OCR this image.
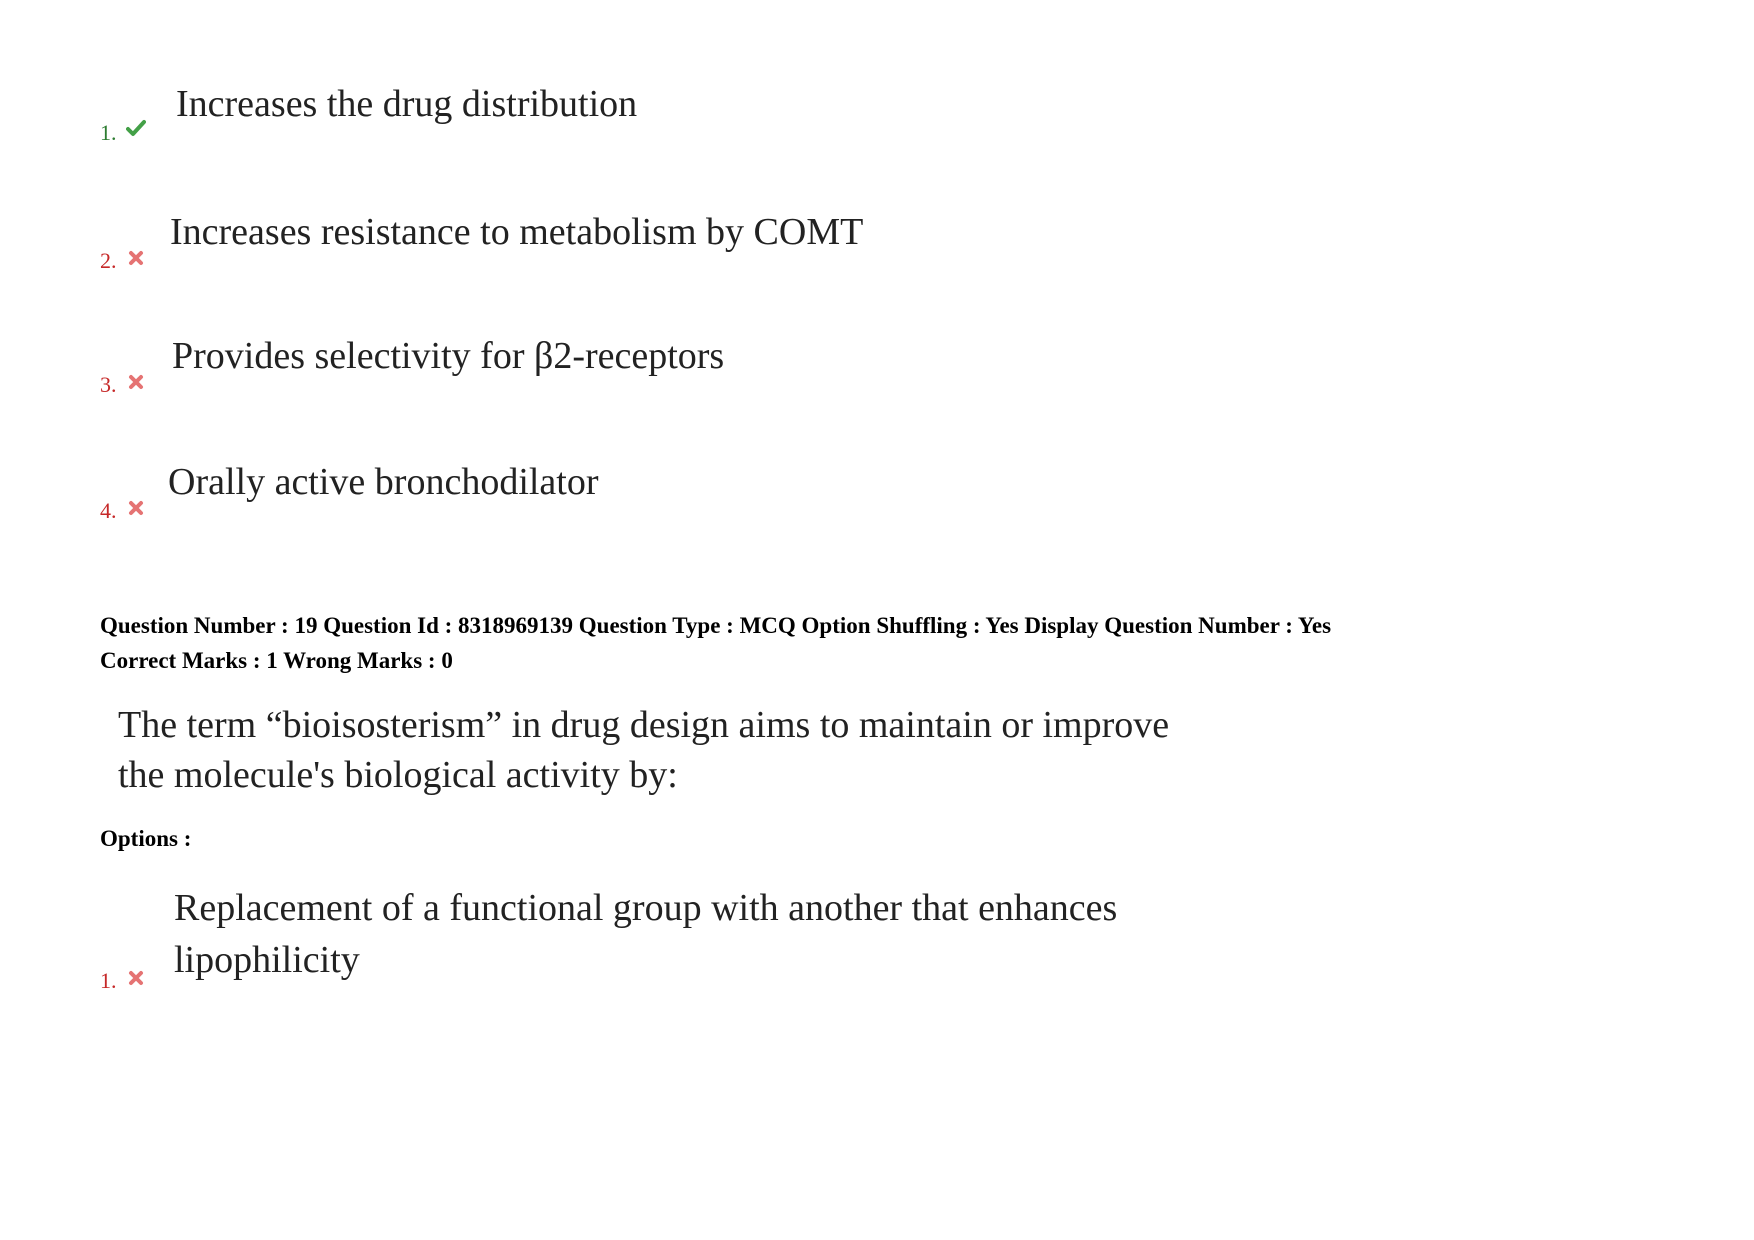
1.
Increases the drug distribution
2.
Increases resistance to metabolism by COMT
3.
Provides selectivity for β2-receptors
4.
Orally active bronchodilator
Question Number : 19 Question Id : 8318969139 Question Type : MCQ Option Shuffling : Yes Display Question Number : Yes
Correct Marks : 1 Wrong Marks : 0
The term “bioisosterism” in drug design aims to maintain or improve
the molecule's biological activity by:
Options :
1.
Replacement of a functional group with another that enhances
lipophilicity
